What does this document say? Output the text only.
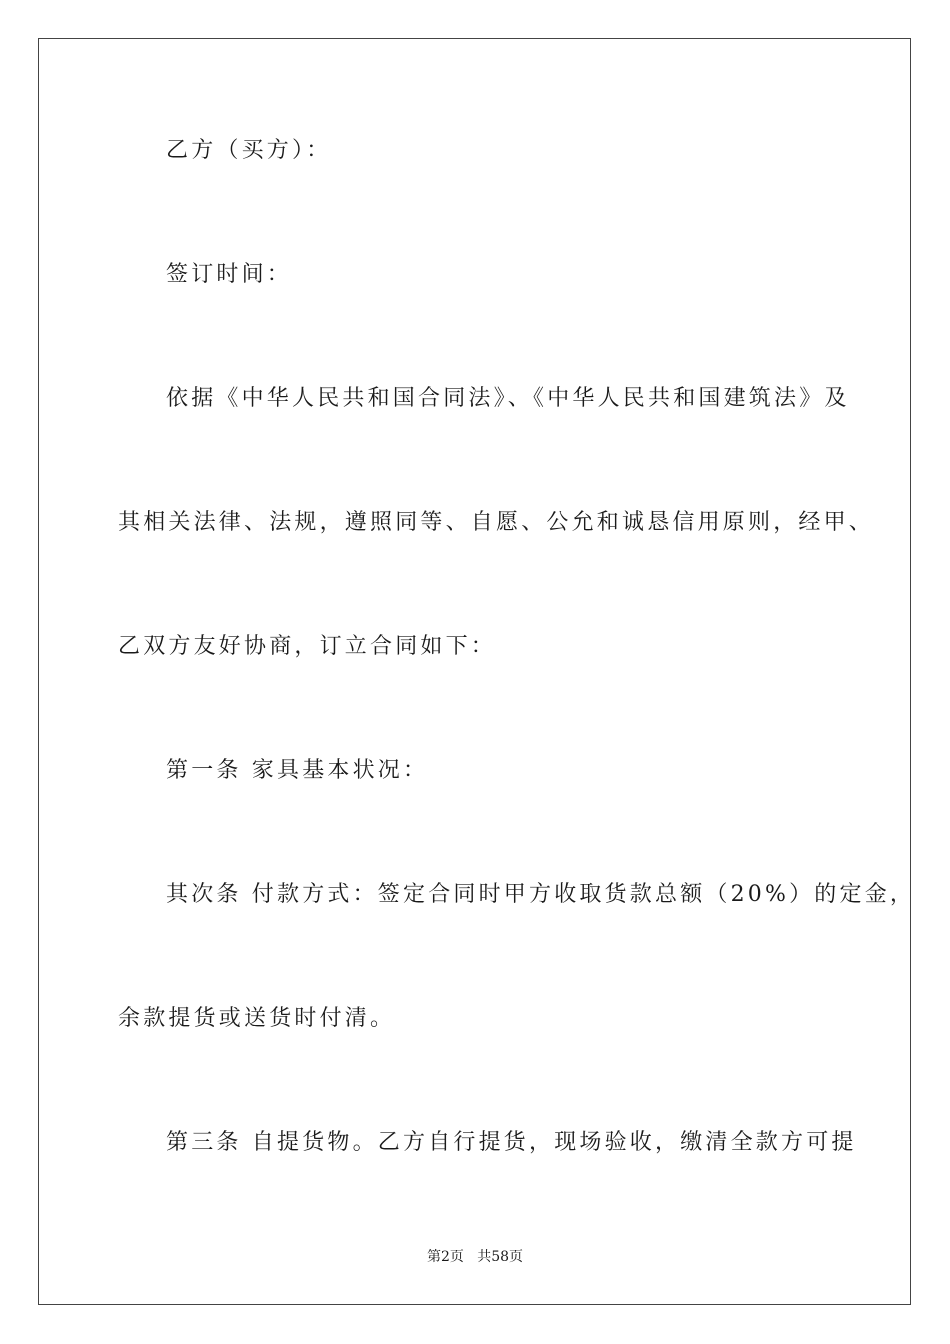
乙方（买方）：
签订时间：
依据《中华人民共和国合同法》、《中华人民共和国建筑法》及
其相关法律、法规，遵照同等、自愿、公允和诚恳信用原则，经甲、
乙双方友好协商，订立合同如下：
第一条 家具基本状况：
其次条 付款方式：签定合同时甲方收取货款总额（20%）的定金，
余款提货或送货时付清。
第三条 自提货物。乙方自行提货，现场验收，缴清全款方可提
第2页   共58页
